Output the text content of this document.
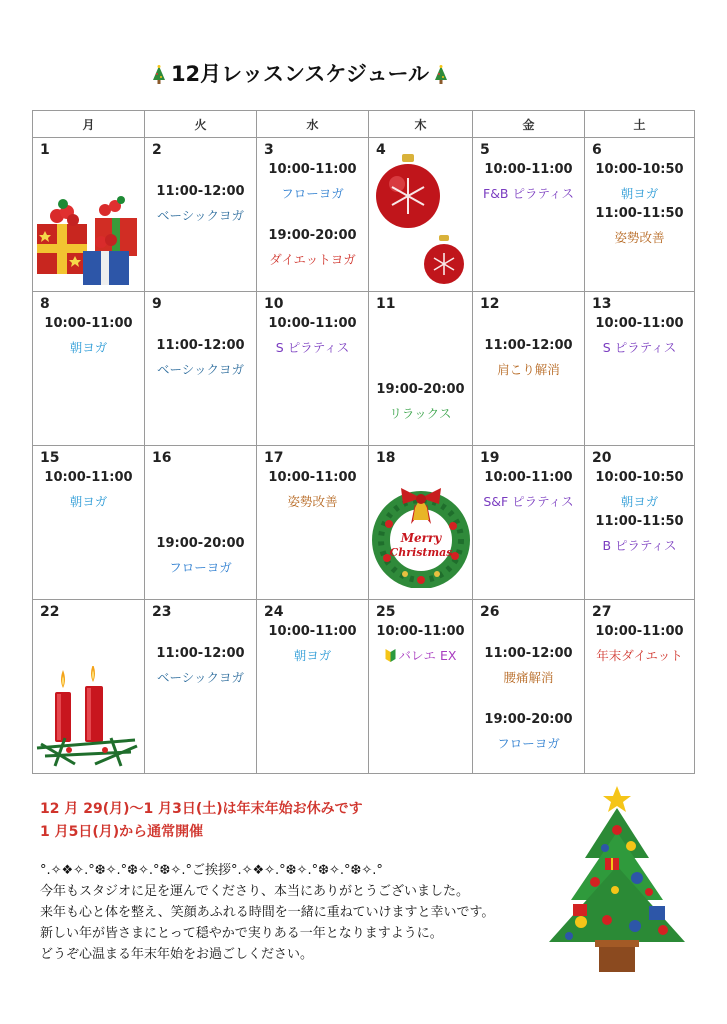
12月レッスンスケジュール
月	火	水	木	金	土

1	2
11:00-12:00
ベーシックヨガ	3
10:00-11:00
フローヨガ
19:00-20:00
ダイエットヨガ	4	5
10:00-11:00
F&B ピラティス	6
10:00-10:50
朝ヨガ
11:00-11:50
姿勢改善

8
10:00-11:00
朝ヨガ	9
11:00-12:00
ベーシックヨガ	10
10:00-11:00
S ピラティス	11
19:00-20:00
リラックス	12
11:00-12:00
肩こり解消	13
10:00-11:00
S ピラティス

15
10:00-11:00
朝ヨガ	16
19:00-20:00
フローヨガ	17
10:00-11:00
姿勢改善	18
Merry
Christmas	19
10:00-11:00
S&F ピラティス	20
10:00-10:50
朝ヨガ
11:00-11:50
B ピラティス

22	23
11:00-12:00
ベーシックヨガ	24
10:00-11:00
朝ヨガ	25
10:00-11:00
バレエ EX	26
11:00-12:00
腰痛解消
19:00-20:00
フローヨガ	27
10:00-11:00
年末ダイエット
12 月 29(月)〜1 月3日(土)は年末年始お休みです
1 月5日(月)から通常開催
°.✧❖✧.°❆✧.°❆✧.°❆✧.°ご挨拶°.✧❖✧.°❆✧.°❆✧.°❆✧.°
今年もスタジオに足を運んでくださり、本当にありがとうございました。
来年も心と体を整え、笑顔あふれる時間を一緒に重ねていけますと幸いです。
新しい年が皆さまにとって穏やかで実りある一年となりますように。
どうぞ心温まる年末年始をお過ごしください。
